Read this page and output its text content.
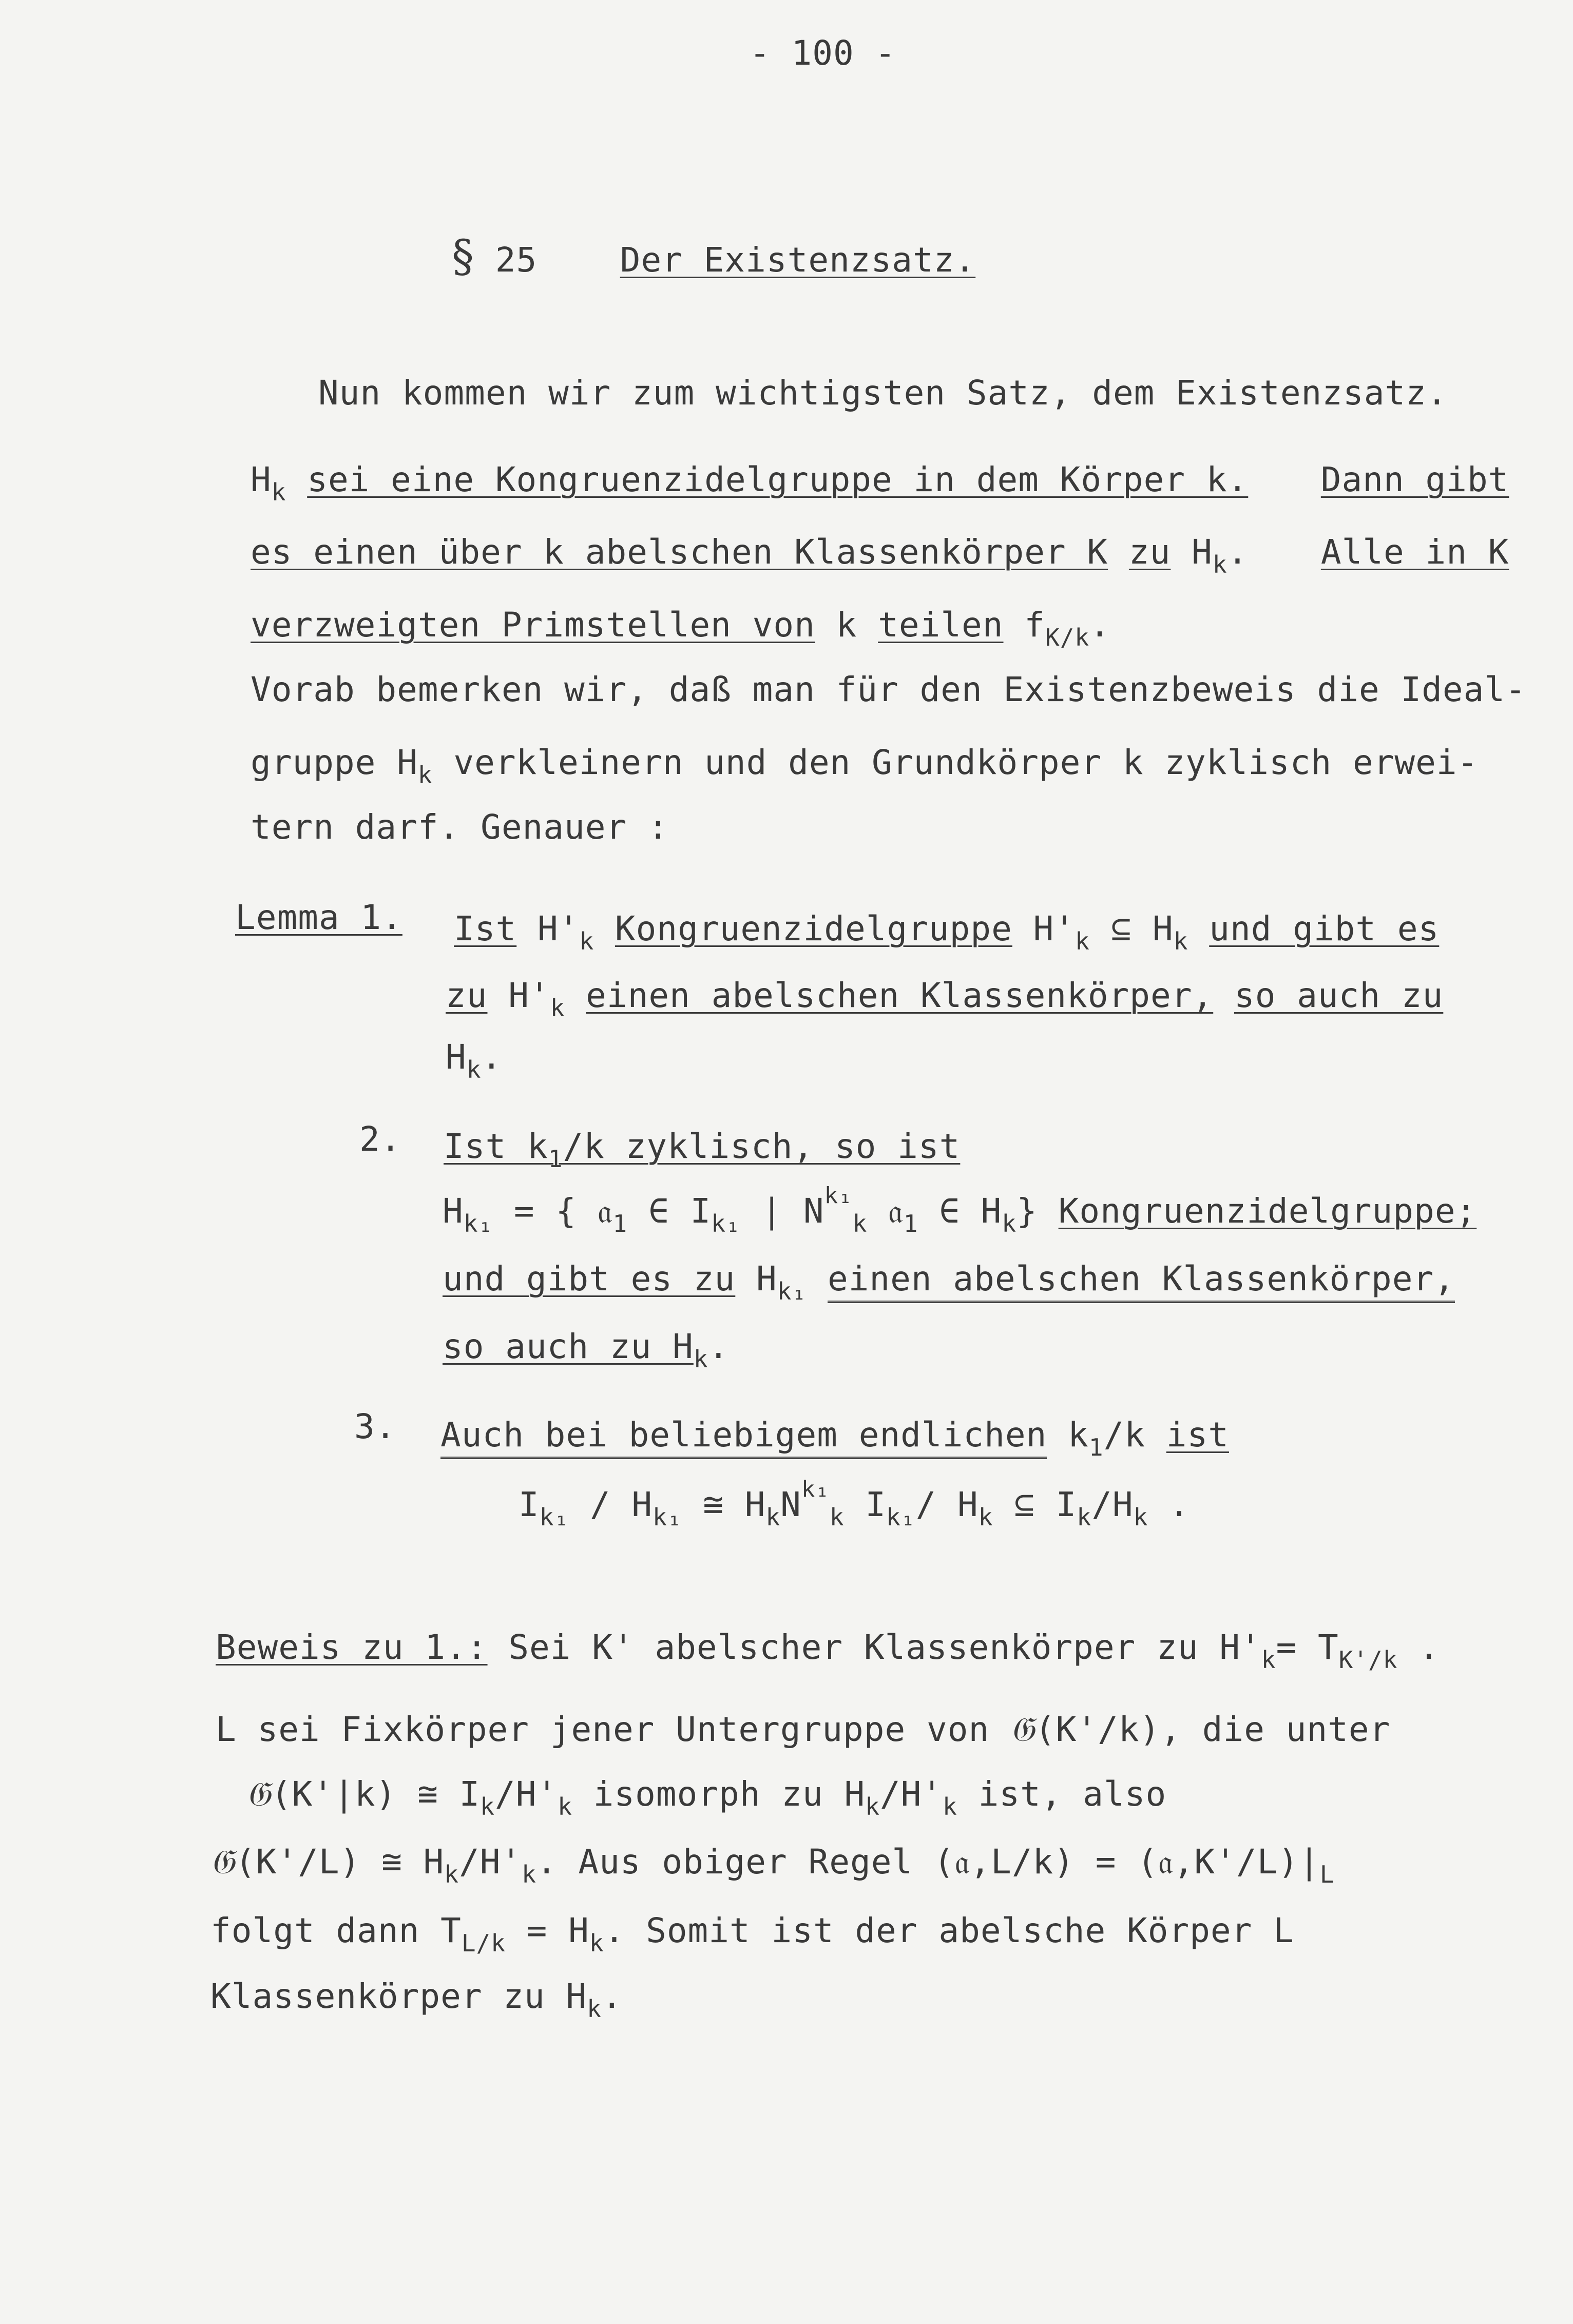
- 100 -
§ 25 Der Existenzsatz.
Nun kommen wir zum wichtigsten Satz, dem Existenzsatz.
$H_k$ sei eine Kongruenzidelgruppe in dem Körper k. Dann gibt
es einen über k abelschen Klassenkörper K zu $H_k$.  Alle in K
verzweigten Primstellen von k teilen $f_{K/k}$.
Vorab bemerken wir, daß man für den Existenzbeweis die Ideal-
gruppe $H_k$ verkleinern und den Grundkörper k zyklisch erwei-
tern darf. Genauer :
Lemma 1. Ist $H'_k$ Kongruenzidelgruppe $H'_k$ ⊆ $H_k$ und gibt es
zu $H'_k$ einen abelschen Klassenkörper, so auch zu
$H_k$.
2. Ist $k_1/k$ zyklisch, so ist
$H_{k_1}$ = { 𝔞$_1$ ∈ $I_{k_1}$ | $N^{k_1}_k$ 𝔞$_1$ ∈ $H_k$} Kongruenzidelgruppe;
und gibt es zu $H_{k_1}$ einen abelschen Klassenkörper,
so auch zu $H_k$.
3. Auch bei beliebigem endlichen $k_1/k$ ist
$I_{k_1} / H_{k_1}$ ≅ $H_kN^{k_1}_k$ $I_{k_1}/$ $H_k$ ⊆ $I_k/H_k$ .
Beweis zu 1.: Sei K' abelscher Klassenkörper zu $H'_k= T_{K'/k}$ .
L sei Fixkörper jener Untergruppe von 𝔊(K'/k), die unter
𝔊(K'|k) ≅ $I_k/H'_k$ isomorph zu $H_k/H'_k$ ist, also
𝔊(K'/L) ≅ $H_k/H'_k$. Aus obiger Regel (𝔞,L/k) = $(𝔞,K'/L)|_L$
folgt dann $T_{L/k} = H_k$. Somit ist der abelsche Körper L
Klassenkörper zu $H_k$.
